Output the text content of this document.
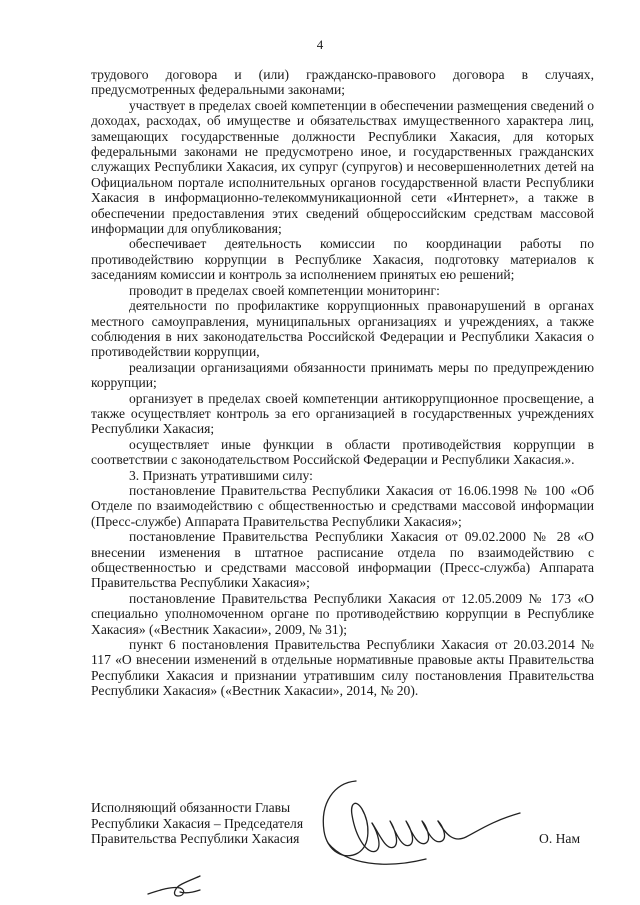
4

трудового договора и (или) гражданско-правового договора в случаях, предусмотренных федеральными законами;

участвует в пределах своей компетенции в обеспечении размещения сведений о доходах, расходах, об имуществе и обязательствах имущественного характера лиц, замещающих государственные должности Республики Хакасия, для которых федеральными законами не предусмотрено иное, и государственных гражданских служащих Республики Хакасия, их супруг (супругов) и несовершеннолетних детей на Официальном портале исполнительных органов государственной власти Республики Хакасия в информационно-телекоммуникационной сети «Интернет», а также в обеспечении предоставления этих сведений общероссийским средствам массовой информации для опубликования;

обеспечивает деятельность комиссии по координации работы по противодействию коррупции в Республике Хакасия, подготовку материалов к заседаниям комиссии и контроль за исполнением принятых ею решений;

проводит в пределах своей компетенции мониторинг:

деятельности по профилактике коррупционных правонарушений в органах местного самоуправления, муниципальных организациях и учреждениях, а также соблюдения в них законодательства Российской Федерации и Республики Хакасия о противодействии коррупции,

реализации организациями обязанности принимать меры по предупреждению коррупции;

организует в пределах своей компетенции антикоррупционное просвещение, а также осуществляет контроль за его организацией в государственных учреждениях Республики Хакасия;

осуществляет иные функции в области противодействия коррупции в соответствии с законодательством Российской Федерации и Республики Хакасия.».

3. Признать утратившими силу:

постановление Правительства Республики Хакасия от 16.06.1998 № 100 «Об Отделе по взаимодействию с общественностью и средствами массовой информации (Пресс-службе) Аппарата Правительства Республики Хакасия»;

постановление Правительства Республики Хакасия от 09.02.2000 № 28 «О внесении изменения в штатное расписание отдела по взаимодействию с общественностью и средствами массовой информации (Пресс-служба) Аппарата Правительства Республики Хакасия»;

постановление Правительства Республики Хакасия от 12.05.2009 № 173 «О специально уполномоченном органе по противодействию коррупции в Республике Хакасия» («Вестник Хакасии», 2009, № 31);

пункт 6 постановления Правительства Республики Хакасия от 20.03.2014 № 117 «О внесении изменений в отдельные нормативные правовые акты Правительства Республики Хакасия и признании утратившим силу постановления Правительства Республики Хакасия» («Вестник Хакасии», 2014, № 20).

Исполняющий обязанности Главы
Республики Хакасия – Председателя
Правительства Республики Хакасия	О. Нам
